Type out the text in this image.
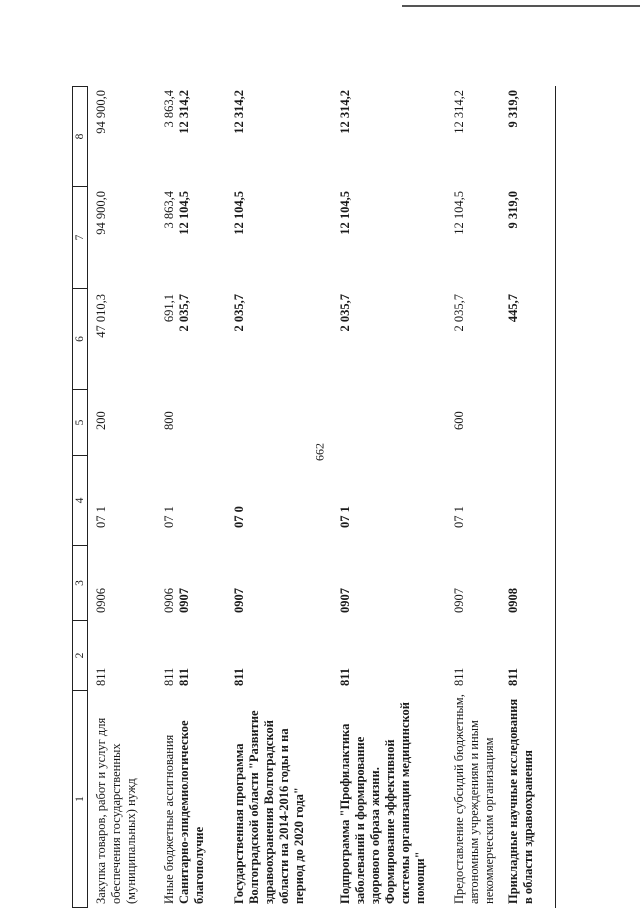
662
1
2
3
4
5
6
7
8
Закупка товаров, работ и услуг для обеспечения государственных (муниципальных) нужд
811
0906
07 1
200
47 010,3
94 900,0
94 900,0
Иные бюджетные ассигнования
811
0906
07 1
800
691,1
3 863,4
3 863,4
Санитарно-эпидемиологическое благополучие
811
0907
2 035,7
12 104,5
12 314,2
Государственная программа Волгоградской области "Развитие здравоохранения Волгоградской области на 2014-2016 годы и на период до 2020 года"
811
0907
07 0
2 035,7
12 104,5
12 314,2
Подпрограмма "Профилактика заболеваний и формирование здорового образа жизни. Формирование эффективной системы организации медицинской помощи"
811
0907
07 1
2 035,7
12 104,5
12 314,2
Предоставление субсидий бюджетным, автономным учреждениям и иным некоммерческим организациям
811
0907
07 1
600
2 035,7
12 104,5
12 314,2
Прикладные научные исследования в области здравоохранения
811
0908
445,7
9 319,0
9 319,0
